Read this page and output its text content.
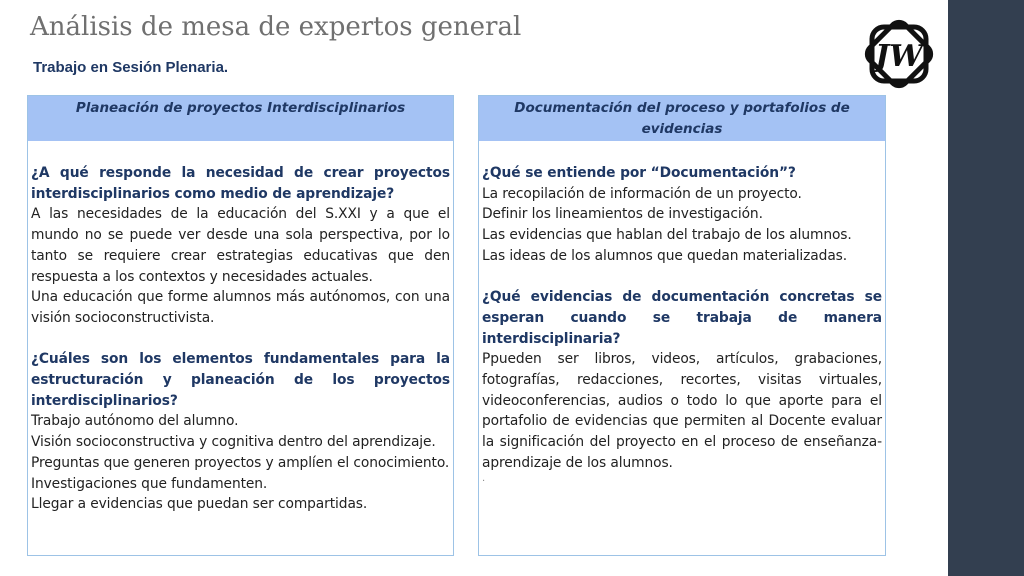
Análisis de mesa de expertos general
Trabajo en Sesión Plenaria.	JW
Planeación de proyectos Interdisciplinarios

¿A qué responde la necesidad de crear proyectos interdisciplinarios como medio de aprendizaje?

A las necesidades de la educación del S.XXI y a que el mundo no se puede ver desde una sola perspectiva, por lo tanto se requiere crear estrategias educativas que den respuesta a los contextos y necesidades actuales.

Una educación que forme alumnos más autónomos, con una visión socioconstructivista.

¿Cuáles son los elementos fundamentales para la estructuración y planeación de los proyectos interdisciplinarios?

Trabajo autónomo del alumno.

Visión socioconstructiva y cognitiva dentro del aprendizaje.

Preguntas que generen proyectos y amplíen el conocimiento.

Investigaciones que fundamenten.

Llegar a evidencias que puedan ser compartidas.

Documentación del proceso y portafolios de evidencias

¿Qué se entiende por “Documentación”?

La recopilación de información de un proyecto.

Definir los lineamientos de investigación.

Las evidencias que hablan del trabajo de los alumnos.

Las ideas de los alumnos que quedan materializadas.

¿Qué evidencias de documentación concretas se esperan cuando se trabaja de manera interdisciplinaria?

Ppueden ser libros, videos, artículos, grabaciones, fotografías, redacciones, recortes, visitas virtuales, videoconferencias, audios o todo lo que aporte para el portafolio de evidencias que permiten al Docente evaluar la significación del proyecto en el proceso de enseñanza-aprendizaje de los alumnos.

.
